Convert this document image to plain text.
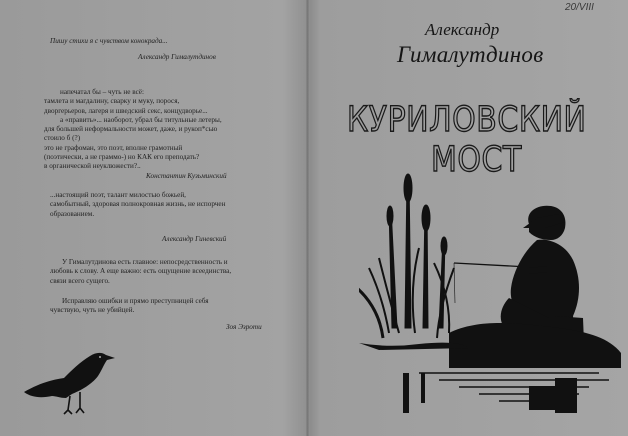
Пишу стихи я с чувством конокрада...
Александр Гималутдинов
напечатал бы – чуть не всё:
тамлета и магдалину, сварку и муку, порося,
дворгерьеров, лагеря и шведский секс, концудворье...
а «править»... наоборот, убрал бы титульные летеры,
для большей неформальности может, даже, и рукоп*сью
стоило б (?)
это не графоман, это поэт, вполне грамотный
(поэтически, а не граммо-) но КАК его преподать?
в органической неуклюжести?..
Константин Кузьминский
...настоящий поэт, талант милостью божьей,
самобытный, здоровая полнокровная жизнь, не испорчен
образованием.
Александр Гиневский
У Гималутдинова есть главное: непосредственность и
любовь к слову. А еще важно: есть ощущение всеединства,
связи всего сущего.
Исправляю ошибки и прямо преступницей себя
чувствую, чуть не убийцей.
Зоя Эзроти
20/VIII
Александр
Гималутдинов
КУРИЛОВСКИЙ
МОСТ
